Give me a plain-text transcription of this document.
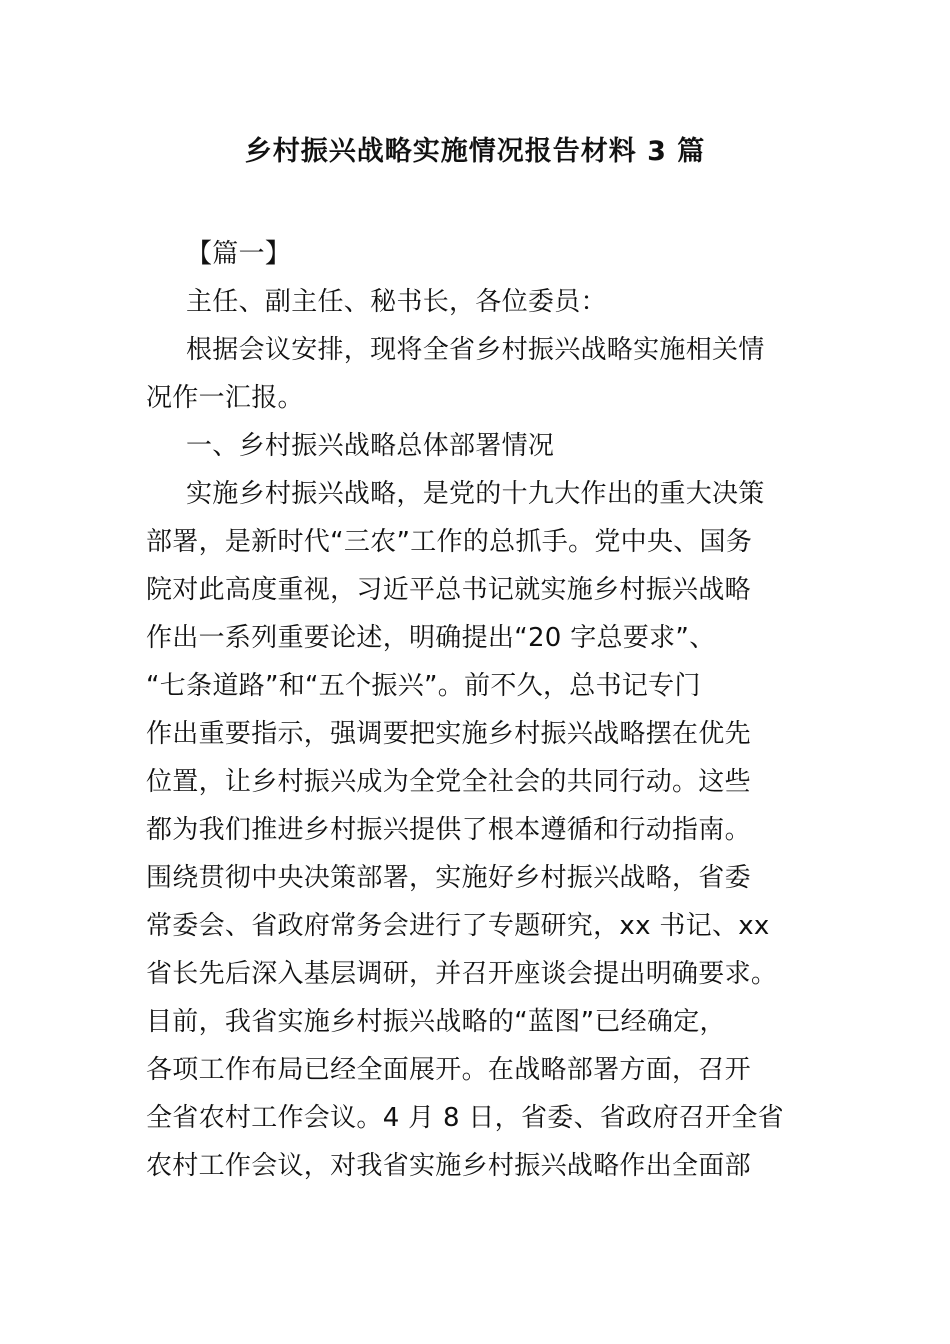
乡村振兴战略实施情况报告材料 3 篇
【篇一】
主任、副主任、秘书长，各位委员：
根据会议安排，现将全省乡村振兴战略实施相关情
况作一汇报。
一、乡村振兴战略总体部署情况
实施乡村振兴战略，是党的十九大作出的重大决策
部署，是新时代“三农”工作的总抓手。党中央、国务
院对此高度重视，习近平总书记就实施乡村振兴战略
作出一系列重要论述，明确提出“20 字总要求”、
“七条道路”和“五个振兴”。前不久，总书记专门
作出重要指示，强调要把实施乡村振兴战略摆在优先
位置，让乡村振兴成为全党全社会的共同行动。这些
都为我们推进乡村振兴提供了根本遵循和行动指南。
围绕贯彻中央决策部署，实施好乡村振兴战略，省委
常委会、省政府常务会进行了专题研究，xx 书记、xx
省长先后深入基层调研，并召开座谈会提出明确要求。
目前，我省实施乡村振兴战略的“蓝图”已经确定，
各项工作布局已经全面展开。在战略部署方面，召开
全省农村工作会议。4 月 8 日，省委、省政府召开全省
农村工作会议，对我省实施乡村振兴战略作出全面部
